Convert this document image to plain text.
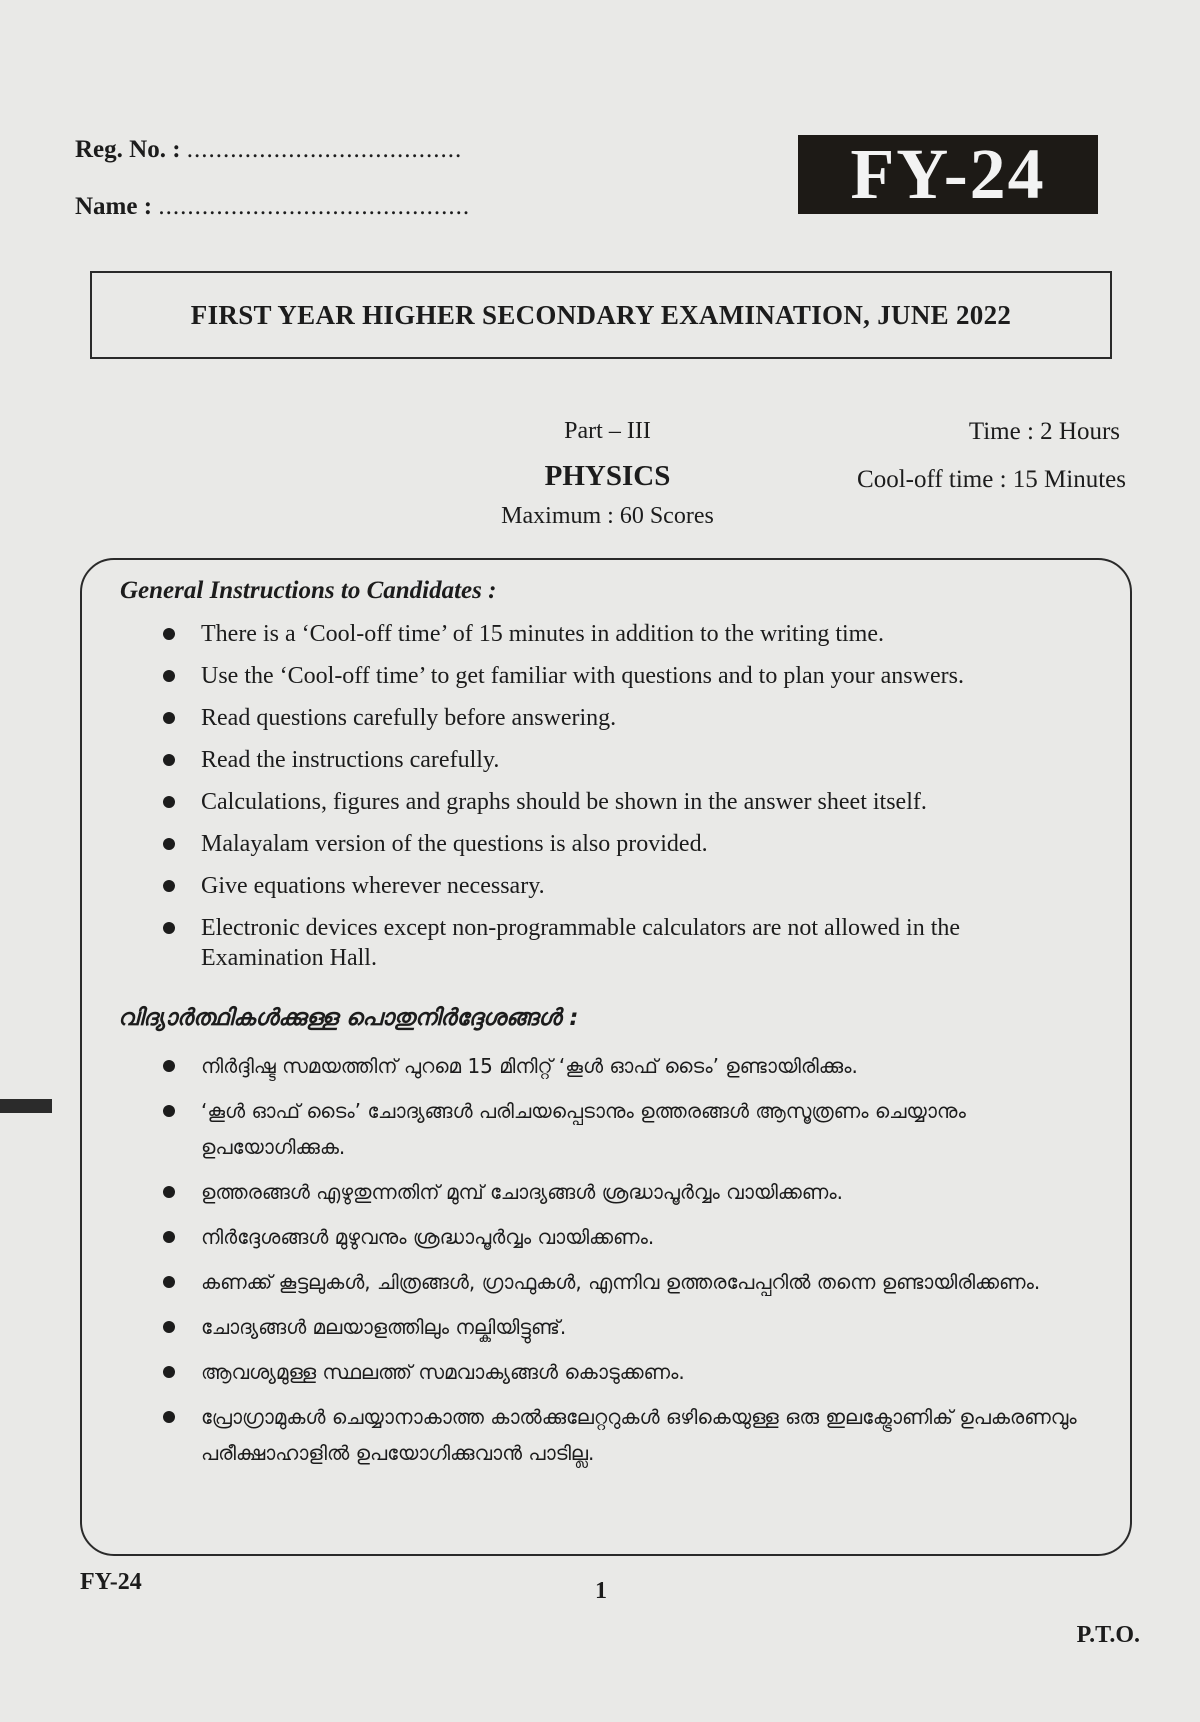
Reg. No. : ......................................
Name : ...........................................	FY-24
FIRST YEAR HIGHER SECONDARY EXAMINATION, JUNE 2022
Part – III
PHYSICS
Maximum : 60 Scores
Time : 2 Hours
Cool-off time : 15 Minutes
General Instructions to Candidates :
There is a ‘Cool-off time’ of 15 minutes in addition to the writing time.
Use the ‘Cool-off time’ to get familiar with questions and to plan your answers.
Read questions carefully before answering.
Read the instructions carefully.
Calculations, figures and graphs should be shown in the answer sheet itself.
Malayalam version of the questions is also provided.
Give equations wherever necessary.
Electronic devices except non-programmable calculators are not allowed in the Examination Hall.
വിദ്യാർത്ഥികൾക്കുള്ള പൊതുനിർദ്ദേശങ്ങൾ :
നിർദ്ദിഷ്ട സമയത്തിന് പുറമെ 15 മിനിറ്റ് ‘കൂൾ ഓഫ് ടൈം’ ഉണ്ടായിരിക്കും.
‘കൂൾ ഓഫ് ടൈം’ ചോദ്യങ്ങൾ പരിചയപ്പെടാനും ഉത്തരങ്ങൾ ആസൂത്രണം ചെയ്യാനും ഉപയോഗിക്കുക.
ഉത്തരങ്ങൾ എഴുതുന്നതിന് മുമ്പ് ചോദ്യങ്ങൾ ശ്രദ്ധാപൂർവ്വം വായിക്കണം.
നിർദ്ദേശങ്ങൾ മുഴുവനും ശ്രദ്ധാപൂർവ്വം വായിക്കണം.
കണക്ക് കൂട്ടലുകൾ, ചിത്രങ്ങൾ, ഗ്രാഫുകൾ, എന്നിവ ഉത്തരപേപ്പറിൽ തന്നെ ഉണ്ടായിരിക്കണം.
ചോദ്യങ്ങൾ മലയാളത്തിലും നല്കിയിട്ടുണ്ട്.
ആവശ്യമുള്ള സ്ഥലത്ത് സമവാക്യങ്ങൾ കൊടുക്കണം.
പ്രോഗ്രാമുകൾ ചെയ്യാനാകാത്ത കാൽക്കുലേറ്ററുകൾ ഒഴികെയുള്ള ഒരു ഇലക്ട്രോണിക് ഉപകരണവും പരീക്ഷാഹാളിൽ ഉപയോഗിക്കുവാൻ പാടില്ല.
FY-24	1
P.T.O.
